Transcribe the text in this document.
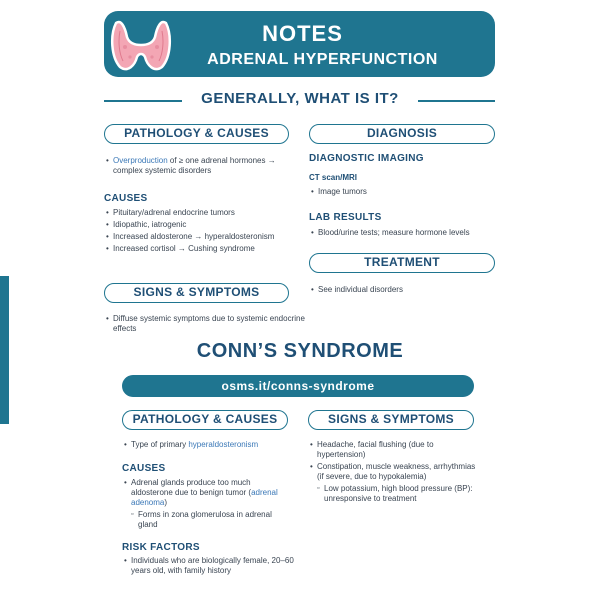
NOTES
ADRENAL HYPERFUNCTION
GENERALLY, WHAT IS IT?
PATHOLOGY & CAUSES
• Overproduction of ≥ one adrenal hormones → complex systemic disorders
CAUSES
• Pituitary/adrenal endocrine tumors
• Idiopathic, iatrogenic
• Increased aldosterone → hyperaldosteronism
• Increased cortisol → Cushing syndrome
SIGNS & SYMPTOMS
• Diffuse systemic symptoms due to systemic endocrine effects
DIAGNOSIS
DIAGNOSTIC IMAGING
CT scan/MRI
• Image tumors
LAB RESULTS
• Blood/urine tests; measure hormone levels
TREATMENT
• See individual disorders
CONN’S SYNDROME
osms.it/conns-syndrome
PATHOLOGY & CAUSES
• Type of primary hyperaldosteronism
CAUSES
• Adrenal glands produce too much aldosterone due to benign tumor (adrenal adenoma)
▫ Forms in zona glomerulosa in adrenal gland
RISK FACTORS
• Individuals who are biologically female, 20–60 years old, with family history
SIGNS & SYMPTOMS
• Headache, facial flushing (due to hypertension)
• Constipation, muscle weakness, arrhythmias (if severe, due to hypokalemia)
▫ Low potassium, high blood pressure (BP): unresponsive to treatment
